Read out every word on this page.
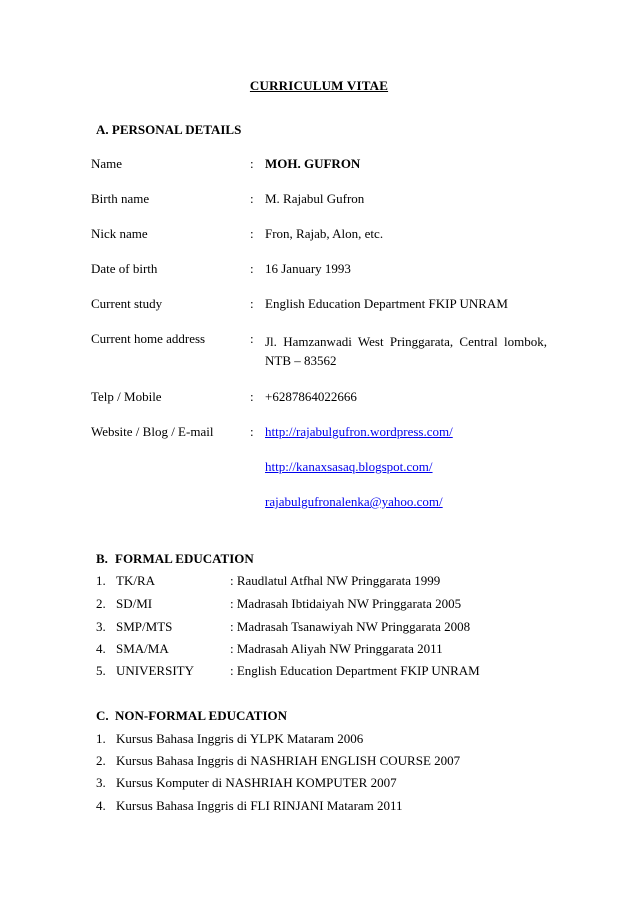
CURRICULUM VITAE
A. PERSONAL DETAILS
Name	: MOH. GUFRON
Birth name	: M. Rajabul Gufron
Nick name	: Fron, Rajab, Alon, etc.
Date of birth	: 16 January 1993
Current study	: English Education Department FKIP UNRAM
Current home address	: Jl. Hamzanwadi West Pringgarata, Central lombok,
NTB – 83562
Telp / Mobile	: +6287864022666
Website / Blog / E-mail	: http://rajabulgufron.wordpress.com/
http://kanaxsasaq.blogspot.com/
rajabulgufronalenka@yahoo.com/
B. FORMAL EDUCATION
1. TK/RA	: Raudlatul Atfhal NW Pringgarata 1999
2. SD/MI	: Madrasah Ibtidaiyah NW Pringgarata 2005
3. SMP/MTS	: Madrasah Tsanawiyah NW Pringgarata 2008
4. SMA/MA	: Madrasah Aliyah NW Pringgarata 2011
5. UNIVERSITY	: English Education Department FKIP UNRAM
C. NON-FORMAL EDUCATION
1. Kursus Bahasa Inggris di YLPK Mataram 2006
2. Kursus Bahasa Inggris di NASHRIAH ENGLISH COURSE 2007
3. Kursus Komputer di NASHRIAH KOMPUTER 2007
4. Kursus Bahasa Inggris di FLI RINJANI Mataram 2011
